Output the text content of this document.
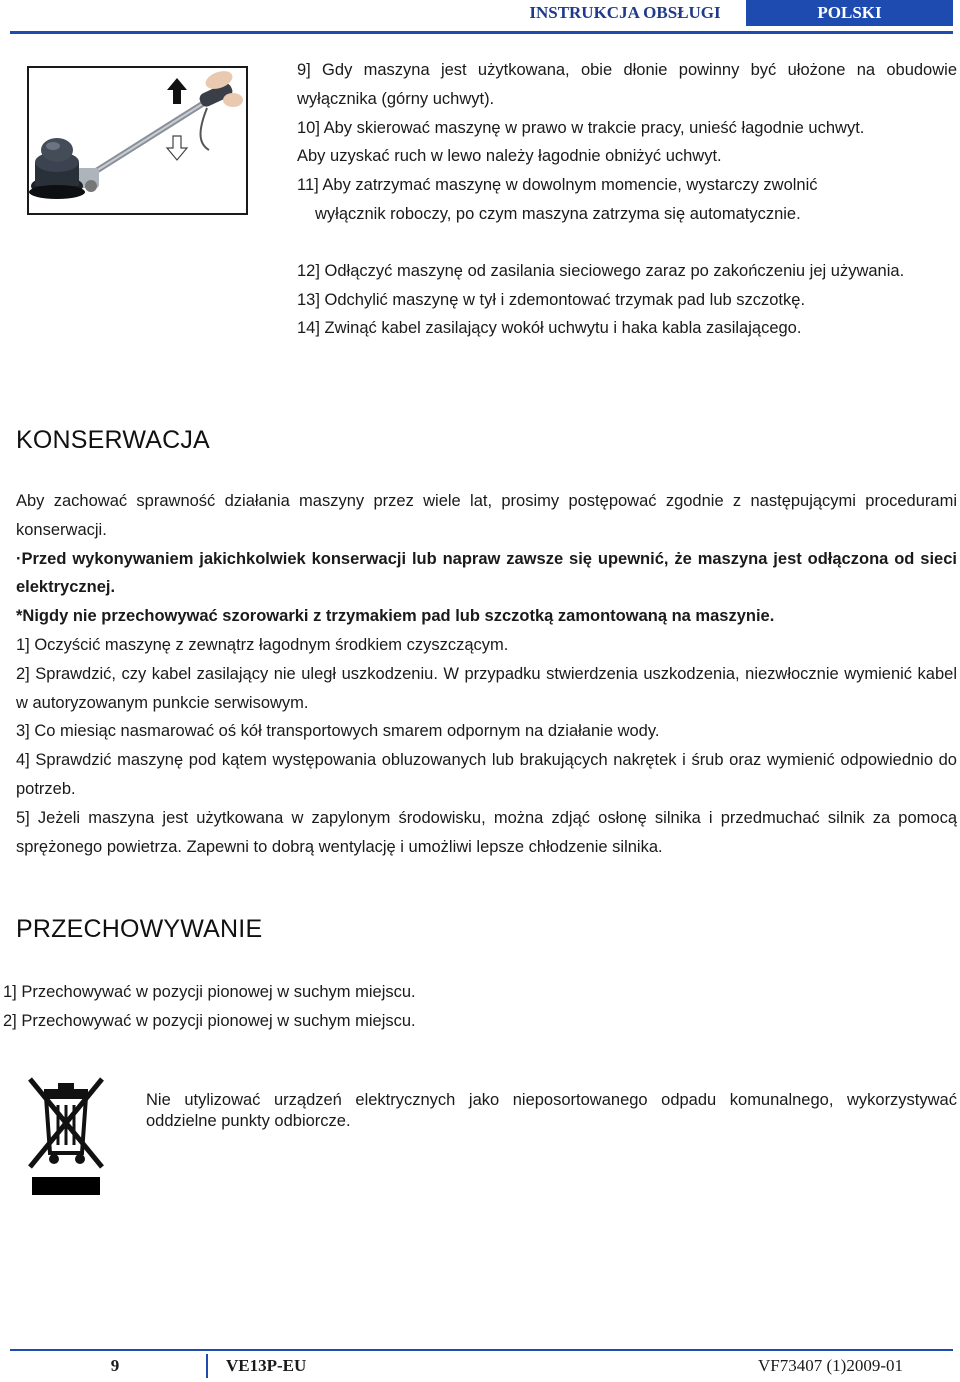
INSTRUKCJA OBSŁUGI	POLSKI

9] Gdy maszyna jest użytkowana, obie dłonie powinny być ułożone na obudowie wyłącznika (górny uchwyt).

10] Aby skierować maszynę w prawo w trakcie pracy, unieść łagodnie uchwyt.

Aby uzyskać ruch w lewo należy łagodnie obniżyć uchwyt.

11] Aby zatrzymać maszynę w dowolnym momencie, wystarczy zwolnić

wyłącznik roboczy, po czym maszyna zatrzyma się automatycznie.

12] Odłączyć maszynę od zasilania sieciowego zaraz po zakończeniu jej używania.

13] Odchylić maszynę w tył i zdemontować trzymak pad lub szczotkę.

14] Zwinąć kabel zasilający wokół uchwytu i haka kabla zasilającego.

KONSERWACJA

Aby zachować sprawność działania maszyny przez wiele lat, prosimy postępować zgodnie z następującymi procedurami konserwacji.

·Przed wykonywaniem jakichkolwiek konserwacji lub napraw zawsze się upewnić, że maszyna jest odłączona od sieci elektrycznej.

*Nigdy nie przechowywać szorowarki z trzymakiem pad lub szczotką zamontowaną na maszynie.

1] Oczyścić maszynę z zewnątrz łagodnym środkiem czyszczącym.

2] Sprawdzić, czy kabel zasilający nie uległ uszkodzeniu. W przypadku stwierdzenia uszkodzenia, niezwłocznie wymienić kabel w autoryzowanym punkcie serwisowym.

3] Co miesiąc nasmarować oś kół transportowych smarem odpornym na działanie wody.

4] Sprawdzić maszynę pod kątem występowania obluzowanych lub brakujących nakrętek i śrub oraz wymienić odpowiednio do potrzeb.

5] Jeżeli maszyna jest użytkowana w zapylonym środowisku, można zdjąć osłonę silnika i przedmuchać silnik za pomocą sprężonego powietrza. Zapewni to dobrą wentylację i umożliwi lepsze chłodzenie silnika.

PRZECHOWYWANIE

1] Przechowywać w pozycji pionowej w suchym miejscu.

2] Przechowywać w pozycji pionowej w suchym miejscu.

Nie utylizować urządzeń elektrycznych jako nieposortowanego odpadu komunalnego, wykorzystywać oddzielne punkty odbiorcze.

9	VE13P-EU	VF73407 (1)2009-01
